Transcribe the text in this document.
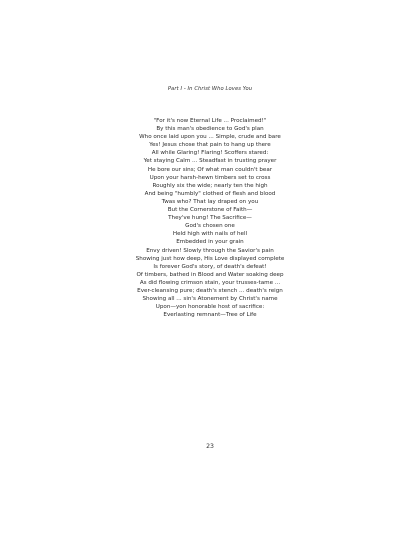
Part I - In Christ Who Loves You
"For it's now Eternal Life ... Proclaimed!"
By this man's obedience to God's plan
Who once laid upon you ... Simple, crude and bare
Yes! Jesus chose that pain to hang up there
All while Glaring! Flaring! Scoffers stared:
Yet staying Calm ... Steadfast in trusting prayer
He bore our sins; Of what man couldn't bear
Upon your harsh-hewn timbers set to cross
Roughly six the wide; nearly ten the high
And being "humbly" clothed of flesh and blood
Twas who? That lay draped on you
But the Cornerstone of Faith—
They've hung! The Sacrifice—
God's chosen one
Held high with nails of hell
Embedded in your grain
Envy driven! Slowly through the Savior's pain
Showing just how deep, His Love displayed complete
Is forever God's story, of death's defeat!
Of timbers, bathed in Blood and Water soaking deep
As did flowing crimson stain, your trusses-tame ...
Ever-cleansing pure; death's stench ... death's reign
Showing all ... sin's Atonement by Christ's name
Upon—yon honorable host of sacrifice:
Everlasting remnant—Tree of Life
23
